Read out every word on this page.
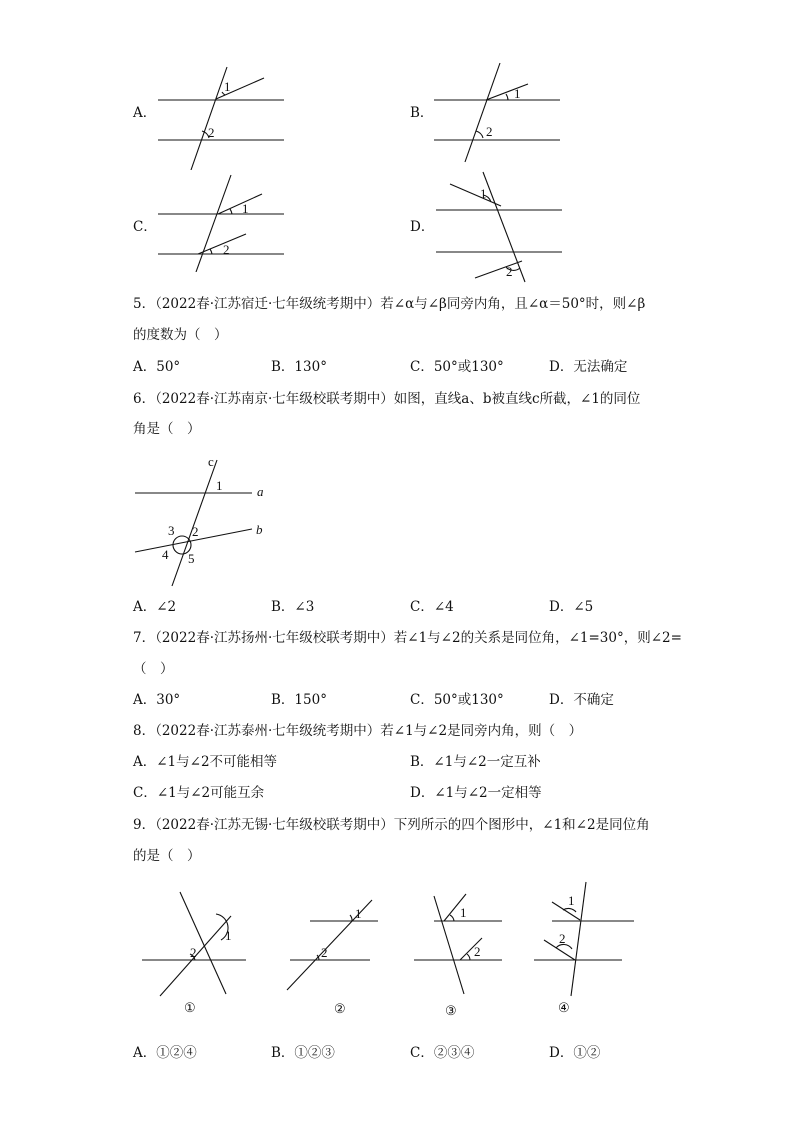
A．
1
2
B．
1
2
C．
1
2
D．
1
2
5．（2022春·江苏宿迁·七年级统考期中）若∠α与∠β同旁内角，且∠α＝50°时，则∠β
的度数为（　）
A．50°	B．130°	C．50°或130°	D．无法确定
6．（2022春·江苏南京·七年级校联考期中）如图，直线a、b被直线c所截，∠1的同位
角是（　）
c
1	a
b
3 2
4 5
A．∠2	B．∠3	C．∠4	D．∠5
7．（2022春·江苏扬州·七年级校联考期中）若∠1与∠2的关系是同位角，∠1=30°，则∠2=
（　）
A．30°	B．150°	C．50°或130°	D．不确定
8．（2022春·江苏泰州·七年级统考期中）若∠1与∠2是同旁内角，则（　）
A．∠1与∠2不可能相等	B．∠1与∠2一定互补
C．∠1与∠2可能互余	D．∠1与∠2一定相等
9．（2022春·江苏无锡·七年级校联考期中）下列所示的四个图形中，∠1和∠2是同位角
的是（　）
1
2
①
1
2
②
1
2
③
1
2
④
A．①②④	B．①②③	C．②③④	D．①②
